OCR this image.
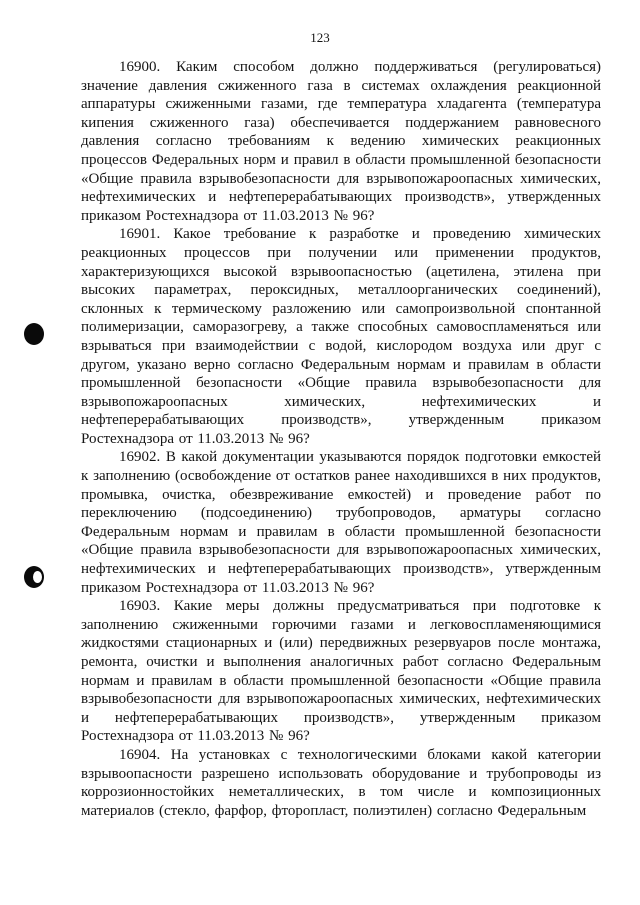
123

16900. Каким способом должно поддерживаться (регулироваться) значение давления сжиженного газа в системах охлаждения реакционной аппаратуры сжиженными газами, где температура хладагента (температура кипения сжиженного газа) обеспечивается поддержанием равновесного давления согласно требованиям к ведению химических реакционных процессов Федеральных норм и правил в области промышленной безопасности «Общие правила взрывобезопасности для взрывопожароопасных химических, нефтехимических и нефтеперерабатывающих производств», утвержденных приказом Ростехнадзора от 11.03.2013 № 96?

16901. Какое требование к разработке и проведению химических реакционных процессов при получении или применении продуктов, характеризующихся высокой взрывоопасностью (ацетилена, этилена при высоких параметрах, пероксидных, металлоорганических соединений), склонных к термическому разложению или самопроизвольной спонтанной полимеризации, саморазогреву, а также способных самовоспламеняться или взрываться при взаимодействии с водой, кислородом воздуха или друг с другом, указано верно согласно Федеральным нормам и правилам в области промышленной безопасности «Общие правила взрывобезопасности для взрывопожароопасных химических, нефтехимических и нефтеперерабатывающих производств», утвержденным приказом Ростехнадзора от 11.03.2013 № 96?

16902. В какой документации указываются порядок подготовки емкостей к заполнению (освобождение от остатков ранее находившихся в них продуктов, промывка, очистка, обезвреживание емкостей) и проведение работ по переключению (подсоединению) трубопроводов, арматуры согласно Федеральным нормам и правилам в области промышленной безопасности «Общие правила взрывобезопасности для взрывопожароопасных химических, нефтехимических и нефтеперерабатывающих производств», утвержденным приказом Ростехнадзора от 11.03.2013 № 96?

16903. Какие меры должны предусматриваться при подготовке к заполнению сжиженными горючими газами и легковоспламеняющимися жидкостями стационарных и (или) передвижных резервуаров после монтажа, ремонта, очистки и выполнения аналогичных работ согласно Федеральным нормам и правилам в области промышленной безопасности «Общие правила взрывобезопасности для взрывопожароопасных химических, нефтехимических и нефтеперерабатывающих производств», утвержденным приказом Ростехнадзора от 11.03.2013 № 96?

16904. На установках с технологическими блоками какой категории взрывоопасности разрешено использовать оборудование и трубопроводы из коррозионностойких неметаллических, в том числе и композиционных материалов (стекло, фарфор, фторопласт, полиэтилен) согласно Федеральным
